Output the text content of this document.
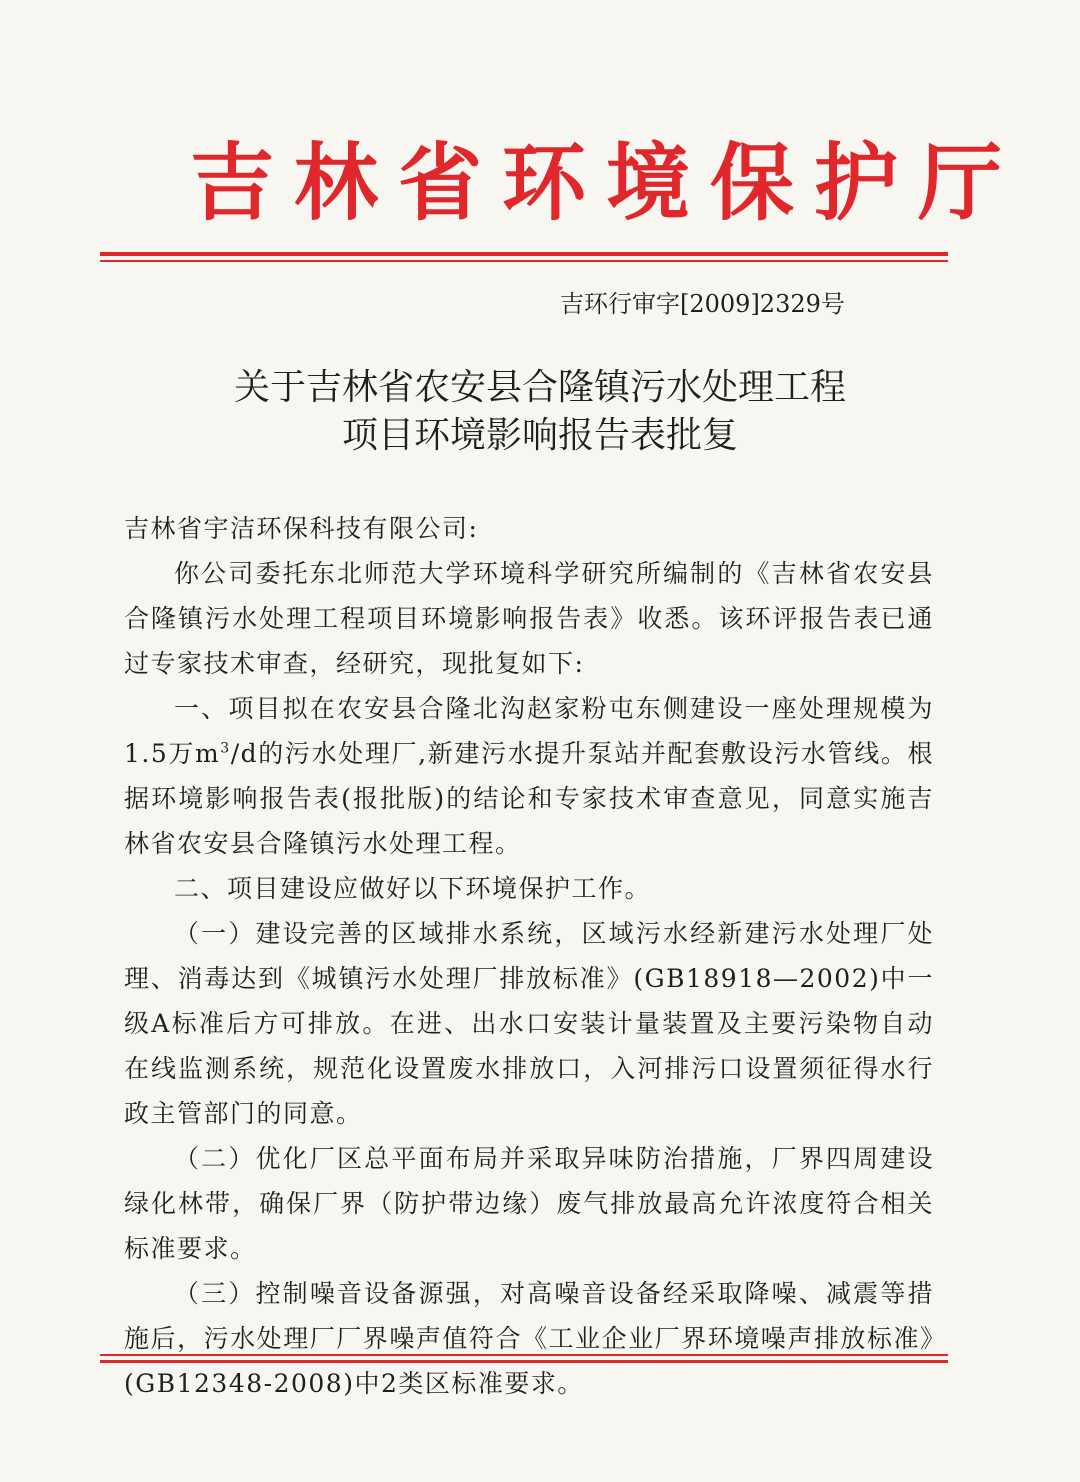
吉林省环境保护厅
吉环行审字[2009]2329号
关于吉林省农安县合隆镇污水处理工程
项目环境影响报告表批复

吉林省宇洁环保科技有限公司:

你公司委托东北师范大学环境科学研究所编制的《吉林省农安县合隆镇污水处理工程项目环境影响报告表》收悉。该环评报告表已通过专家技术审查，经研究，现批复如下:

一、项目拟在农安县合隆北沟赵家粉屯东侧建设一座处理规模为1.5万$m^3/d$的污水处理厂,新建污水提升泵站并配套敷设污水管线。根据环境影响报告表(报批版)的结论和专家技术审查意见，同意实施吉林省农安县合隆镇污水处理工程。

二、项目建设应做好以下环境保护工作。

（一）建设完善的区域排水系统，区域污水经新建污水处理厂处理、消毒达到《城镇污水处理厂排放标准》(GB18918—2002)中一级A标准后方可排放。在进、出水口安装计量装置及主要污染物自动在线监测系统，规范化设置废水排放口，入河排污口设置须征得水行政主管部门的同意。

（二）优化厂区总平面布局并采取异味防治措施，厂界四周建设绿化林带，确保厂界（防护带边缘）废气排放最高允许浓度符合相关标准要求。

（三）控制噪音设备源强，对高噪音设备经采取降噪、减震等措施后，污水处理厂厂界噪声值符合《工业企业厂界环境噪声排放标准》(GB12348-2008)中2类区标准要求。
